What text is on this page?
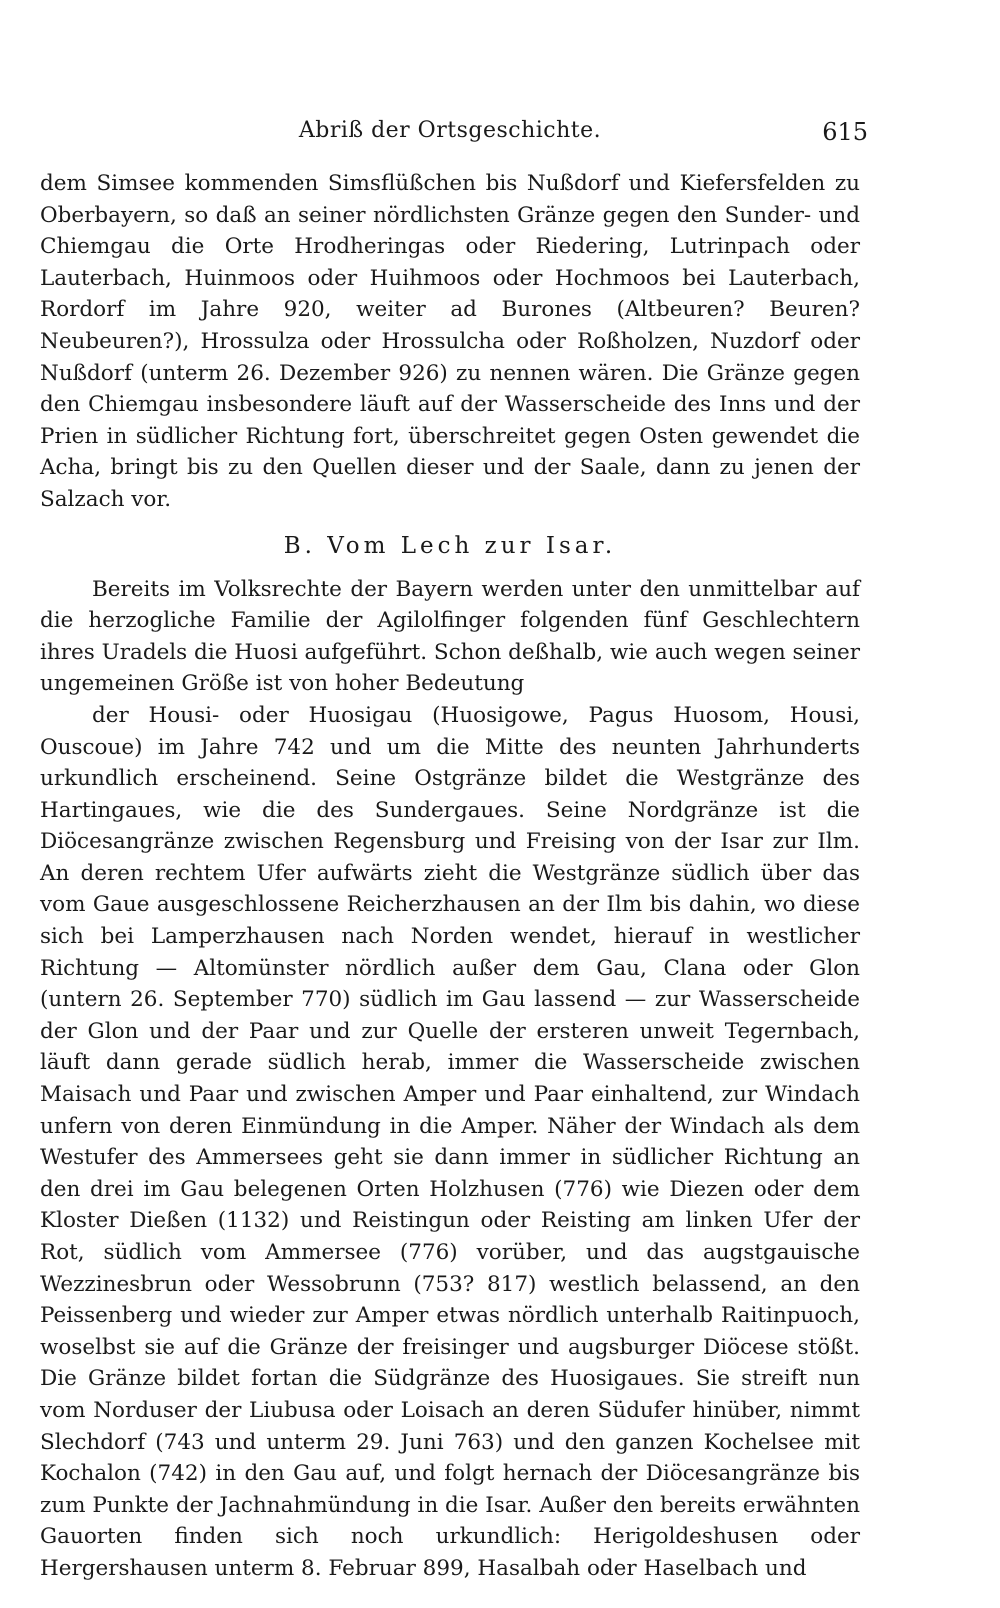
Abriß der Ortsgeschichte.	615

dem Simsee kommenden Simsflüßchen bis Nußdorf und Kiefersfelden zu Oberbayern, so daß an seiner nördlichsten Gränze gegen den Sunder- und Chiemgau die Orte Hrodheringas oder Riedering, Lutrinpach oder Lauterbach, Huinmoos oder Huihmoos oder Hochmoos bei Lauterbach, Rordorf im Jahre 920, weiter ad Burones (Altbeuren? Beuren? Neubeuren?), Hrossulza oder Hrossulcha oder Roßholzen, Nuzdorf oder Nußdorf (unterm 26. Dezember 926) zu nennen wären. Die Gränze gegen den Chiemgau insbesondere läuft auf der Wasserscheide des Inns und der Prien in südlicher Richtung fort, überschreitet gegen Osten gewendet die Acha, bringt bis zu den Quellen dieser und der Saale, dann zu jenen der Salzach vor.

B. Vom Lech zur Isar.

Bereits im Volksrechte der Bayern werden unter den unmittelbar auf die herzogliche Familie der Agilolfinger folgenden fünf Geschlechtern ihres Uradels die Huosi aufgeführt. Schon deßhalb, wie auch wegen seiner ungemeinen Größe ist von hoher Bedeutung

der Housi- oder Huosigau (Huosigowe, Pagus Huosom, Housi, Ouscoue) im Jahre 742 und um die Mitte des neunten Jahrhunderts urkundlich erscheinend. Seine Ostgränze bildet die Westgränze des Hartingaues, wie die des Sundergaues. Seine Nordgränze ist die Diöcesangränze zwischen Regensburg und Freising von der Isar zur Ilm. An deren rechtem Ufer aufwärts zieht die Westgränze südlich über das vom Gaue ausgeschlossene Reicherzhausen an der Ilm bis dahin, wo diese sich bei Lamperzhausen nach Norden wendet, hierauf in westlicher Richtung — Altomünster nördlich außer dem Gau, Clana oder Glon (untern 26. September 770) südlich im Gau lassend — zur Wasserscheide der Glon und der Paar und zur Quelle der ersteren unweit Tegernbach, läuft dann gerade südlich herab, immer die Wasserscheide zwischen Maisach und Paar und zwischen Amper und Paar einhaltend, zur Windach unfern von deren Einmündung in die Amper. Näher der Windach als dem Westufer des Ammersees geht sie dann immer in südlicher Richtung an den drei im Gau belegenen Orten Holzhusen (776) wie Diezen oder dem Kloster Dießen (1132) und Reistingun oder Reisting am linken Ufer der Rot, südlich vom Ammersee (776) vorüber, und das augstgauische Wezzinesbrun oder Wessobrunn (753? 817) westlich belassend, an den Peissenberg und wieder zur Amper etwas nördlich unterhalb Raitinpuoch, woselbst sie auf die Gränze der freisinger und augsburger Diöcese stößt. Die Gränze bildet fortan die Südgränze des Huosigaues. Sie streift nun vom Norduser der Liubusa oder Loisach an deren Südufer hinüber, nimmt Slechdorf (743 und unterm 29. Juni 763) und den ganzen Kochelsee mit Kochalon (742) in den Gau auf, und folgt hernach der Diöcesangränze bis zum Punkte der Jachnahmündung in die Isar. Außer den bereits erwähnten Gauorten finden sich noch urkundlich: Herigoldeshusen oder Hergershausen unterm 8. Februar 899, Hasalbah oder Haselbach und
